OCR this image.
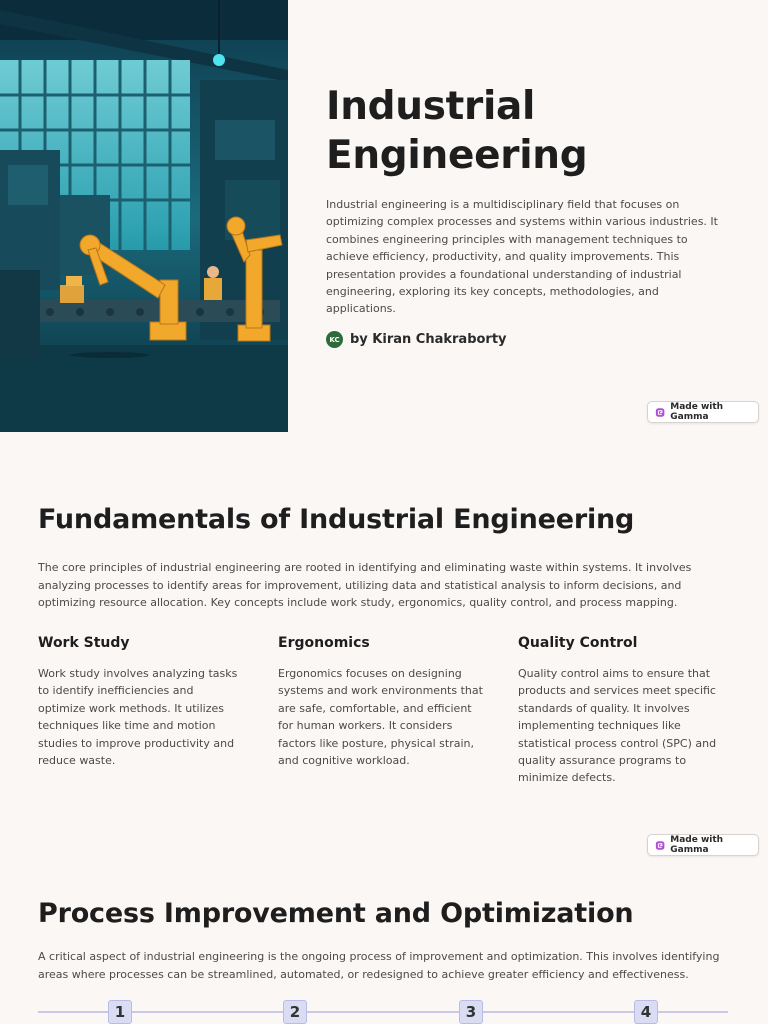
Industrial
Engineering

Industrial engineering is a multidisciplinary field that focuses on optimizing complex processes and systems within various industries. It combines engineering principles with management techniques to achieve efficiency, productivity, and quality improvements. This presentation provides a foundational understanding of industrial engineering, exploring its key concepts, methodologies, and applications.

KC by Kiran Chakraborty
Made with Gamma
Fundamentals of Industrial Engineering

The core principles of industrial engineering are rooted in identifying and eliminating waste within systems. It involves analyzing processes to identify areas for improvement, utilizing data and statistical analysis to inform decisions, and optimizing resource allocation. Key concepts include work study, ergonomics, quality control, and process mapping.

Work Study
Work study involves analyzing tasks to identify inefficiencies and optimize work methods. It utilizes techniques like time and motion studies to improve productivity and reduce waste.
Ergonomics
Ergonomics focuses on designing systems and work environments that are safe, comfortable, and efficient for human workers. It considers factors like posture, physical strain, and cognitive workload.
Quality Control
Quality control aims to ensure that products and services meet specific standards of quality. It involves implementing techniques like statistical process control (SPC) and quality assurance programs to minimize defects.
Made with Gamma
Process Improvement and Optimization

A critical aspect of industrial engineering is the ongoing process of improvement and optimization. This involves identifying areas where processes can be streamlined, automated, or redesigned to achieve greater efficiency and effectiveness.

1	2	3	4
